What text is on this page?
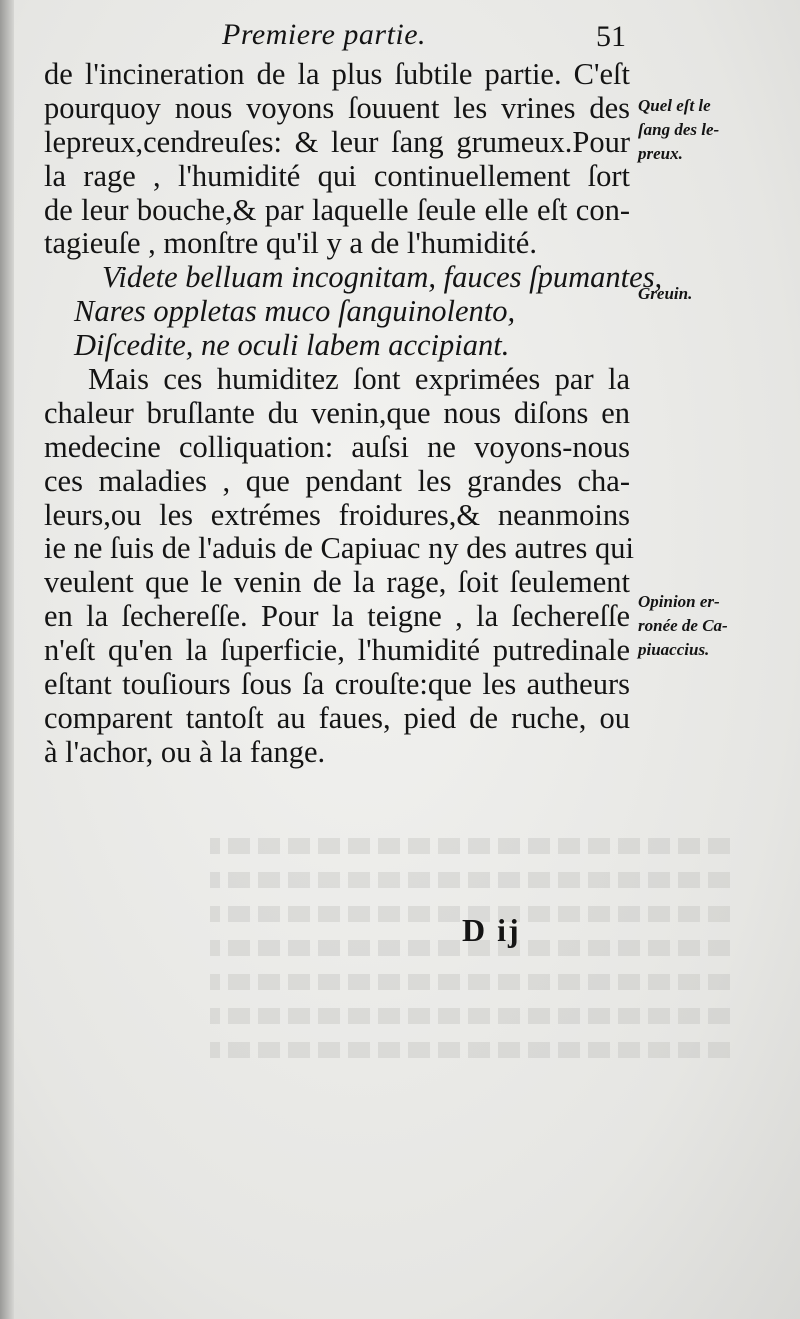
Premiere partie.	51
de l'incineration de la plus ſubtile partie. C'eſt
pourquoy nous voyons ſouuent les vrines des
lepreux,cendreuſes: & leur ſang grumeux.Pour
la rage , l'humidité qui continuellement ſort
de leur bouche,& par laquelle ſeule elle eſt con-
tagieuſe , monſtre qu'il y a de l'humidité.
Videte belluam incognitam, fauces ſpumantes,
Nares oppletas muco ſanguinolento,
Diſcedite, ne oculi labem accipiant.
Mais ces humiditez ſont exprimées par la
chaleur bruſlante du venin,que nous diſons en
medecine colliquation: auſsi ne voyons-nous
ces maladies , que pendant les grandes cha-
leurs,ou les extrémes froidures,& neanmoins
ie ne ſuis de l'aduis de Capiuac ny des autres qui
veulent que le venin de la rage, ſoit ſeulement
en la ſechereſſe. Pour la teigne , la ſechereſſe
n'eſt qu'en la ſuperficie, l'humidité putredinale
eſtant touſiours ſous ſa crouſte:que les autheurs
comparent tantoſt au faues, pied de ruche, ou
à l'achor, ou à la fange.
Quel eſt le
ſang des le-
preux.
Greuin.
Opinion er-
ronée de Ca-
piuaccius.
D ij
